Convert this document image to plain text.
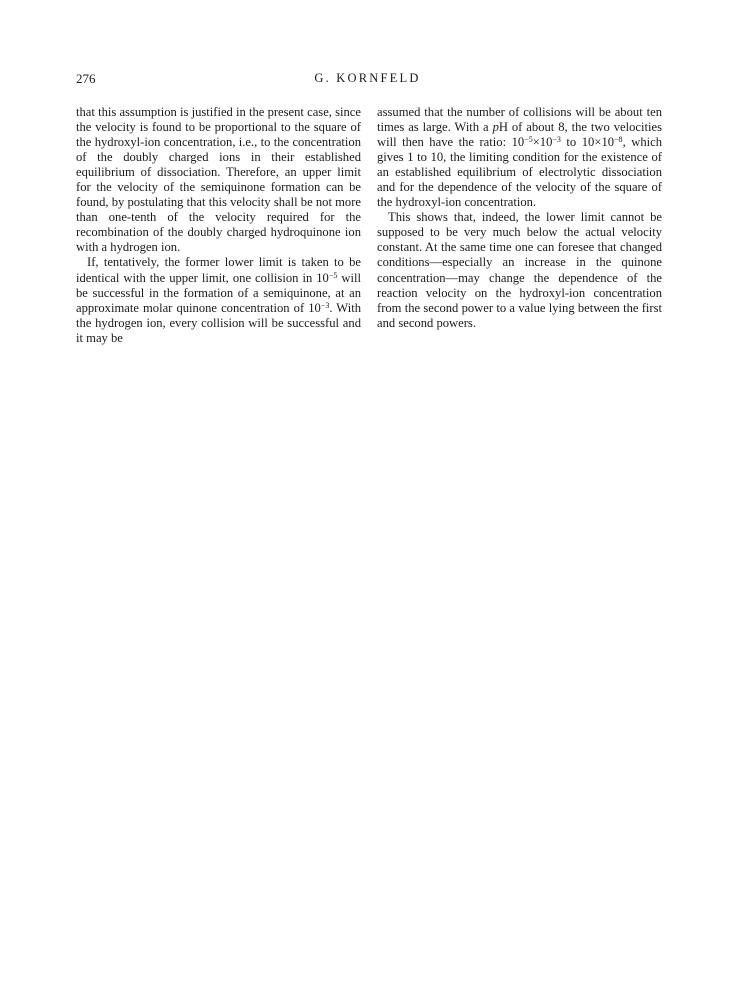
276	G. KORNFELD

that this assumption is justified in the present case, since the velocity is found to be proportional to the square of the hydroxyl-ion concentration, i.e., to the concentration of the doubly charged ions in their established equilibrium of dissociation. Therefore, an upper limit for the velocity of the semiquinone formation can be found, by postulating that this velocity shall be not more than one-tenth of the velocity required for the recombination of the doubly charged hydroquinone ion with a hydrogen ion.

If, tentatively, the former lower limit is taken to be identical with the upper limit, one collision in $10^{-5}$ will be successful in the formation of a semiquinone, at an approximate molar quinone concentration of $10^{-3}$. With the hydrogen ion, every collision will be successful and it may be

assumed that the number of collisions will be about ten times as large. With a pH of about 8, the two velocities will then have the ratio: $10^{-5}\times 10^{-3}$ to $10\times 10^{-8}$, which gives 1 to 10, the limiting condition for the existence of an established equilibrium of electrolytic dissociation and for the dependence of the velocity of the square of the hydroxyl-ion concentration.

This shows that, indeed, the lower limit cannot be supposed to be very much below the actual velocity constant. At the same time one can foresee that changed conditions—especially an increase in the quinone concentration—may change the dependence of the reaction velocity on the hydroxyl-ion concentration from the second power to a value lying between the first and second powers.
